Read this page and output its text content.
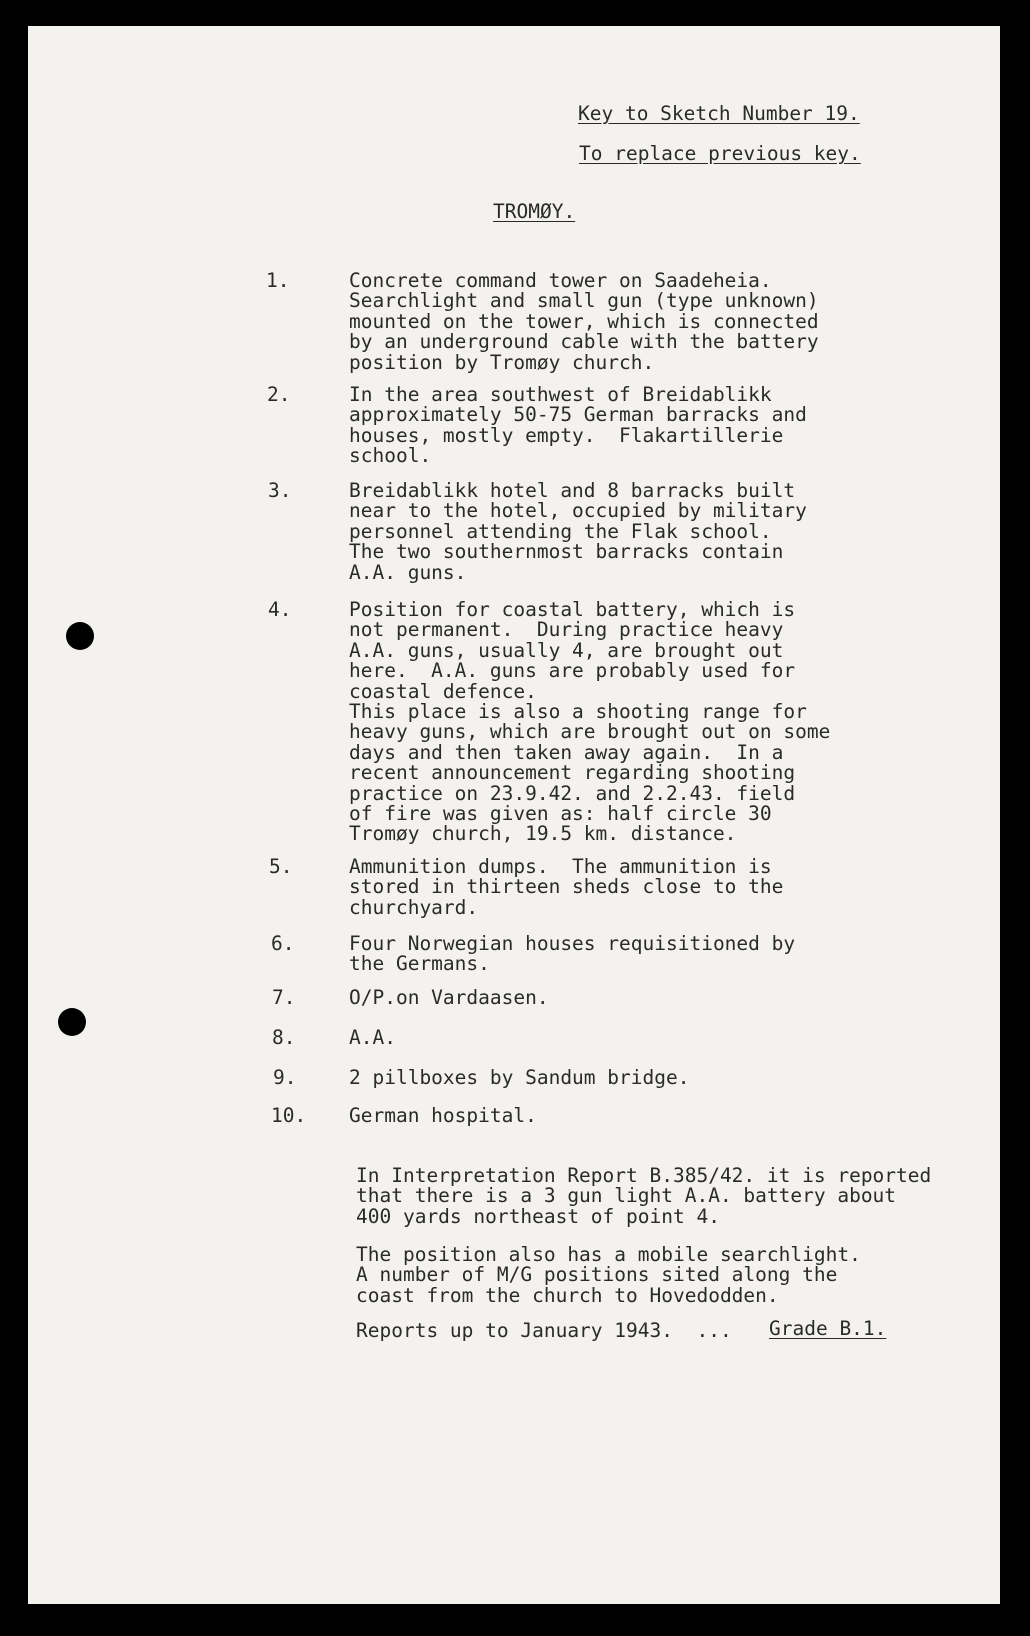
Key to Sketch Number 19.
To replace previous key.
TROMØY.
1.	Concrete command tower on Saadeheia.
Searchlight and small gun (type unknown)
mounted on the tower, which is connected
by an underground cable with the battery
position by Tromøy church.
2.	In the area southwest of Breidablikk
approximately 50-75 German barracks and
houses, mostly empty.  Flakartillerie
school.
3.	Breidablikk hotel and 8 barracks built
near to the hotel, occupied by military
personnel attending the Flak school.
The two southernmost barracks contain
A.A. guns.
4.	Position for coastal battery, which is
not permanent.  During practice heavy
A.A. guns, usually 4, are brought out
here.  A.A. guns are probably used for
coastal defence.
This place is also a shooting range for
heavy guns, which are brought out on some
days and then taken away again.  In a
recent announcement regarding shooting
practice on 23.9.42. and 2.2.43. field
of fire was given as: half circle 30
Tromøy church, 19.5 km. distance.
5.	Ammunition dumps.  The ammunition is
stored in thirteen sheds close to the
churchyard.
6.	Four Norwegian houses requisitioned by
the Germans.
7.	O/P.on Vardaasen.
8.	A.A.
9.	2 pillboxes by Sandum bridge.
10. German hospital.
In Interpretation Report B.385/42. it is reported
that there is a 3 gun light A.A. battery about
400 yards northeast of point 4.
The position also has a mobile searchlight.
A number of M/G positions sited along the
coast from the church to Hovedodden.
Reports up to January 1943.  ... Grade B.1.
